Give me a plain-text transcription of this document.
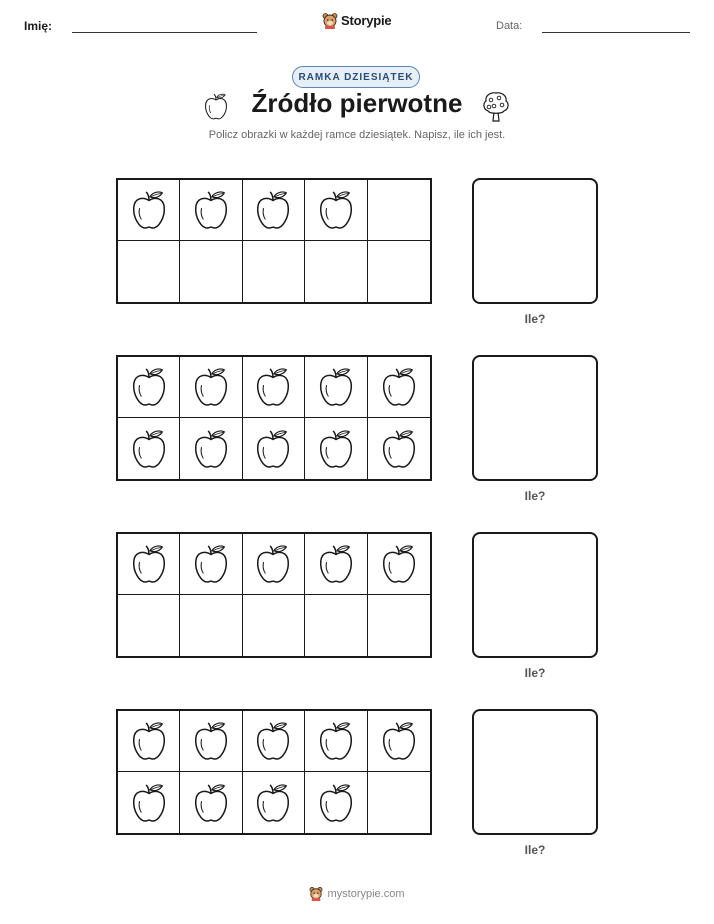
Imię:	Storypie	Data:
RAMKA DZIESIĄTEK
Źródło pierwotne
Policz obrazki w każdej ramce dziesiątek. Napisz, ile ich jest.
Ile?
Ile?
Ile?
Ile?
mystorypie.com
